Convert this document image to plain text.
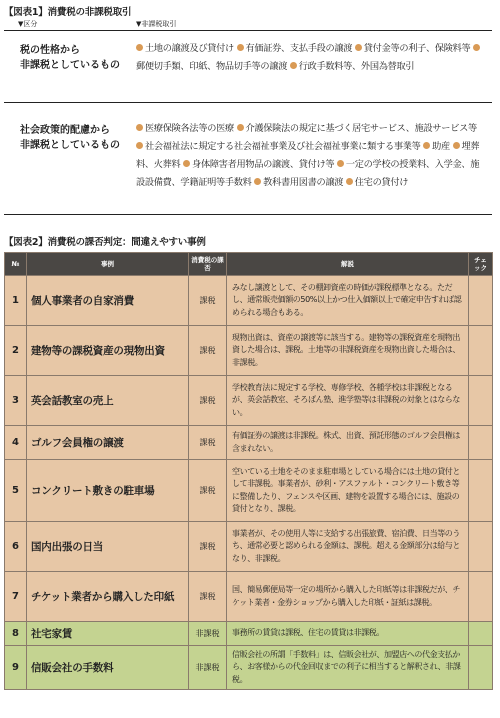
【図表1】消費税の非課税取引
▼区分	▼非課税取引
税の性格から
非課税としているもの
土地の譲渡及び貸付け 有価証券、支払手段の譲渡 貸付金等の利子、保険料等 郵便切手類、印紙、物品切手等の譲渡 行政手数料等、外国為替取引
社会政策的配慮から
非課税としているもの
医療保険各法等の医療 介護保険法の規定に基づく居宅サービス、施設サービス等 社会福祉法に規定する社会福祉事業及び社会福祉事業に類する事業等 助産 埋葬料、火葬料 身体障害者用物品の譲渡、貸付け等 一定の学校の授業料、入学金、施設設備費、学籍証明等手数料 教科書用図書の譲渡 住宅の貸付け
【図表2】消費税の課否判定：間違えやすい事例
№	事例	消費税の課否	解説	チェック
1	個人事業者の自家消費	課税	みなし譲渡として、その棚卸資産の時価が課税標準となる。ただし、通常販売価額の50%以上かつ仕入価額以上で確定申告すれば認められる場合もある。	
2	建物等の課税資産の現物出資	課税	現物出資は、資産の譲渡等に該当する。建物等の課税資産を現物出資した場合は、課税。土地等の非課税資産を現物出資した場合は、非課税。	
3	英会話教室の売上	課税	学校教育法に規定する学校、専修学校、各種学校は非課税となるが、英会話教室、そろばん塾、進学塾等は非課税の対象とはならない。	
4	ゴルフ会員権の譲渡	課税	有価証券の譲渡は非課税。株式、出資、預託形態のゴルフ会員権は含まれない。	
5	コンクリート敷きの駐車場	課税	空いている土地をそのまま駐車場としている場合には土地の貸付として非課税。事業者が、砂利・アスファルト・コンクリート敷き等に整備したり、フェンスや区画、建物を設置する場合には、施設の貸付となり、課税。	
6	国内出張の日当	課税	事業者が、その使用人等に支給する出張旅費、宿泊費、日当等のうち、通常必要と認められる金額は、課税。超える金額部分は給与となり、非課税。	
7	チケット業者から購入した印紙	課税	国、簡易郵便局等一定の場所から購入した印紙等は非課税だが、チケット業者・金券ショップから購入した印紙・証紙は課税。	
8	社宅家賃	非課税	事務所の賃貸は課税、住宅の賃貸は非課税。	
9	信販会社の手数料	非課税	信販会社の所謂「手数料」は、信販会社が、加盟店への代金支払から、お客様からの代金回収までの利子に相当すると解釈され、非課税。	
